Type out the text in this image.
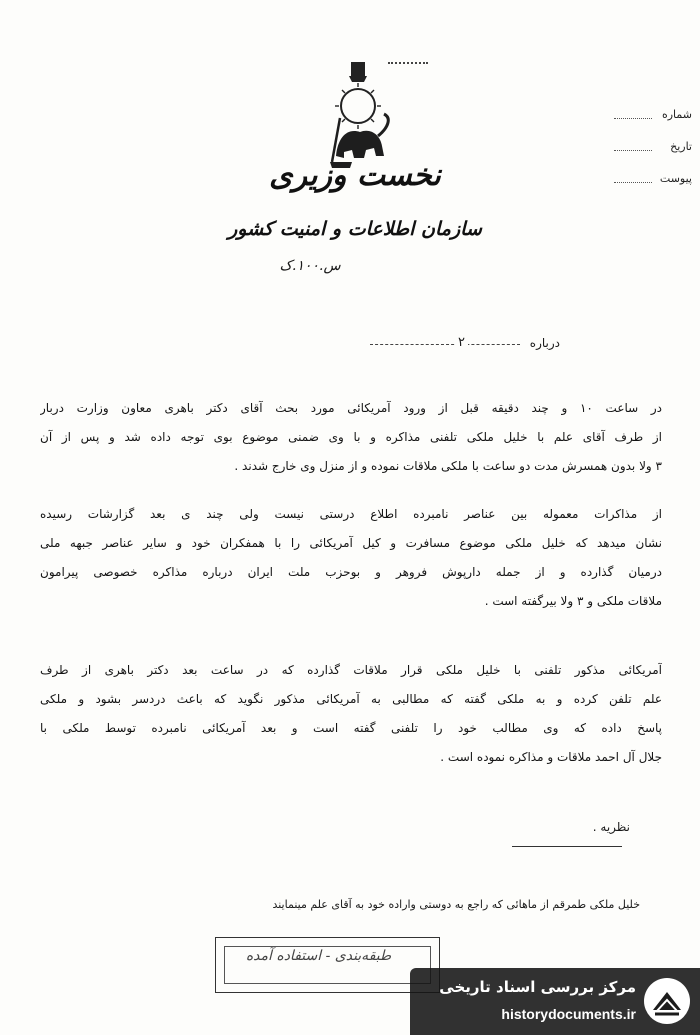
نخست وزیری
سازمان اطلاعات و امنیت کشور
س.۱۰۰.ک
شماره
تاریخ
پیوست
درباره
۲
در ساعت ۱۰ و چند دقیقه قبل از ورود آمریکائی مورد بحث آقای دکتر باهری معاون وزارت دربار
از طرف آقای علم با خلیل ملکی تلفنی مذاکره و با وی ضمنی موضوع بوی توجه داده شد و پس از آن
۳ ولا بدون همسرش مدت دو ساعت با ملکی ملاقات نموده و از منزل وی خارج شدند .
از مذاکرات معموله بین عناصر نامبرده اطلاع درستی نیست ولی چند ی بعد گزارشات رسیده
نشان میدهد که خلیل ملکی موضوع مسافرت و کیل آمریکائی را با همفکران خود و سایر عناصر جبهه ملی
درمیان گذارده و از جمله دارپوش فروهر و بوحزب ملت ایران درباره مذاکره خصوصی پیرامون
ملاقات ملکی و ۳ ولا بیرگفته است .
آمریکائی مذکور تلفنی با خلیل ملکی قرار ملاقات گذارده که در ساعت بعد دکتر باهری از طرف
علم تلفن کرده و به ملکی گفته که مطالبی به آمریکائی مذکور نگوید که باعث دردسر بشود و ملکی
پاسخ داده که وی مطالب خود را تلفنی گفته است و بعد آمریکائی نامبرده توسط ملکی با
جلال آل احمد ملاقات و مذاکره نموده است .
نظریه .
خلیل ملکی طمرقم از ماهائی که راجع به دوستی واراده خود به آقای علم مینمایند
طبقه‌بندی - استفاده آمده
مرکز بررسی اسناد تاریخی
historydocuments.ir
